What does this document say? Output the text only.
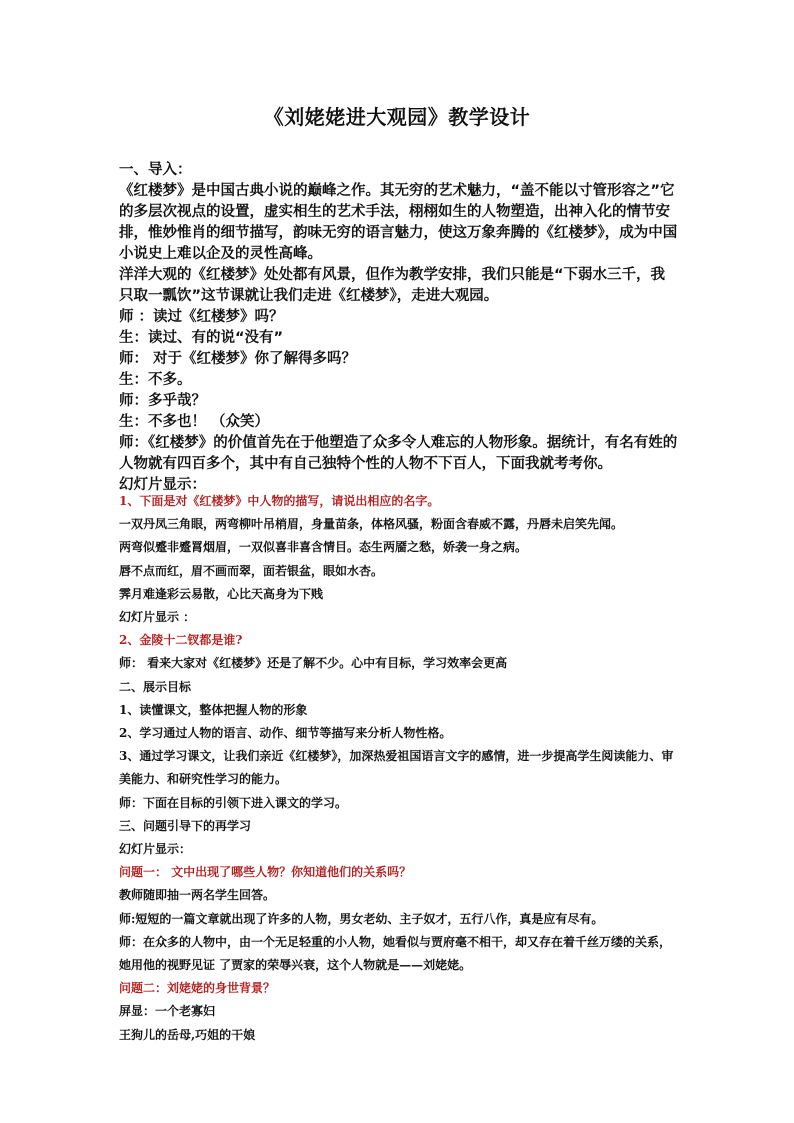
《刘姥姥进大观园》教学设计

一、导入：

《红楼梦》是中国古典小说的巅峰之作。其无穷的艺术魅力，“盖不能以寸管形容之”它的多层次视点的设置，虚实相生的艺术手法，栩栩如生的人物塑造，出神入化的情节安排，惟妙惟肖的细节描写，韵味无穷的语言魅力，使这万象奔腾的《红楼梦》，成为中国小说史上难以企及的灵性高峰。

洋洋大观的《红楼梦》处处都有风景，但作为教学安排，我们只能是“下弱水三千，我只取一瓢饮”这节课就让我们走进《红楼梦》，走进大观园。

师 ：读过《红楼梦》吗？

生：读过、有的说“没有”

师： 对于《红楼梦》你了解得多吗？

生：不多。

师：多乎哉？

生：不多也！ （众笑）

师：《红楼梦》的价值首先在于他塑造了众多令人难忘的人物形象。据统计，有名有姓的人物就有四百多个，其中有自己独特个性的人物不下百人，下面我就考考你。

幻灯片显示：

1、下面是对《红楼梦》中人物的描写，请说出相应的名字。

一双丹凤三角眼，两弯柳叶吊梢眉，身量苗条，体格风骚，粉面含春威不露，丹唇未启笑先闻。

两弯似蹙非蹙罥烟眉，一双似喜非喜含情目。态生两靥之愁，娇袭一身之病。

唇不点而红，眉不画而翠，面若银盆，眼如水杏。

霁月难逢彩云易散，心比天高身为下贱

幻灯片显示 ：

2、金陵十二钗都是谁?

师： 看来大家对《红楼梦》还是了解不少。心中有目标，学习效率会更高

二、展示目标

1、读懂课文，整体把握人物的形象

2、学习通过人物的语言、动作、细节等描写来分析人物性格。

3、通过学习课文，让我们亲近《红楼梦》，加深热爱祖国语言文字的感情，进一步提高学生阅读能力、审美能力、和研究性学习的能力。

师：下面在目标的引领下进入课文的学习。

三、问题引导下的再学习

幻灯片显示：

问题一： 文中出现了哪些人物？你知道他们的关系吗？

教师随即抽一两名学生回答。

师:短短的一篇文章就出现了许多的人物，男女老幼、主子奴才，五行八作，真是应有尽有。

师：在众多的人物中，由一个无足轻重的小人物，她看似与贾府毫不相干，却又存在着千丝万缕的关系，她用他的视野见证 了贾家的荣辱兴衰，这个人物就是——刘姥姥。

问题二：刘姥姥的身世背景？

屏显：一个老寡妇

王狗儿的岳母,巧姐的干娘
